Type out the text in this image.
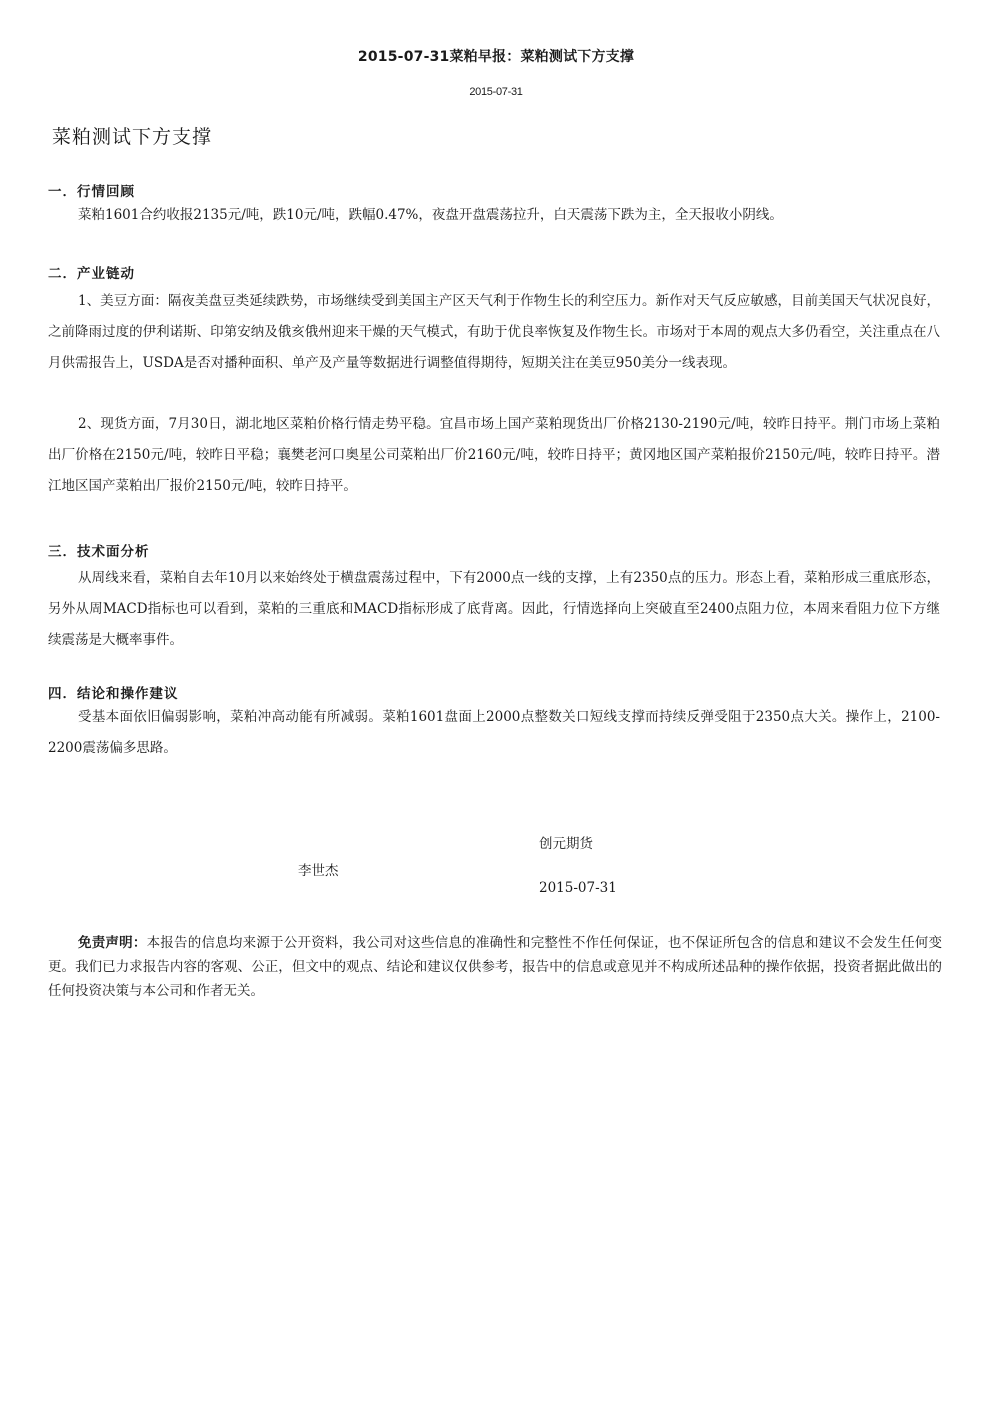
2015-07-31菜粕早报：菜粕测试下方支撑
2015-07-31
菜粕测试下方支撑
一．行情回顾

菜粕1601合约收报2135元/吨，跌10元/吨，跌幅0.47%，夜盘开盘震荡拉升，白天震荡下跌为主，全天报收小阴线。

二．产业链动

1、美豆方面：隔夜美盘豆类延续跌势，市场继续受到美国主产区天气利于作物生长的利空压力。新作对天气反应敏感，目前美国天气状况良好，之前降雨过度的伊利诺斯、印第安纳及俄亥俄州迎来干燥的天气模式，有助于优良率恢复及作物生长。市场对于本周的观点大多仍看空，关注重点在八月供需报告上，USDA是否对播种面积、单产及产量等数据进行调整值得期待，短期关注在美豆950美分一线表现。

2、现货方面，7月30日，湖北地区菜粕价格行情走势平稳。宜昌市场上国产菜粕现货出厂价格2130-2190元/吨，较昨日持平。荆门市场上菜粕出厂价格在2150元/吨，较昨日平稳；襄樊老河口奥星公司菜粕出厂价2160元/吨，较昨日持平；黄冈地区国产菜粕报价2150元/吨，较昨日持平。潜江地区国产菜粕出厂报价2150元/吨，较昨日持平。

三．技术面分析

从周线来看，菜粕自去年10月以来始终处于横盘震荡过程中，下有2000点一线的支撑，上有2350点的压力。形态上看，菜粕形成三重底形态，另外从周MACD指标也可以看到，菜粕的三重底和MACD指标形成了底背离。因此，行情选择向上突破直至2400点阻力位，本周来看阻力位下方继续震荡是大概率事件。

四．结论和操作建议

受基本面依旧偏弱影响，菜粕冲高动能有所减弱。菜粕1601盘面上2000点整数关口短线支撑而持续反弹受阻于2350点大关。操作上，2100-2200震荡偏多思路。

创元期货
李世杰
2015-07-31

免责声明：本报告的信息均来源于公开资料，我公司对这些信息的准确性和完整性不作任何保证，也不保证所包含的信息和建议不会发生任何变更。我们已力求报告内容的客观、公正，但文中的观点、结论和建议仅供参考，报告中的信息或意见并不构成所述品种的操作依据，投资者据此做出的任何投资决策与本公司和作者无关。
